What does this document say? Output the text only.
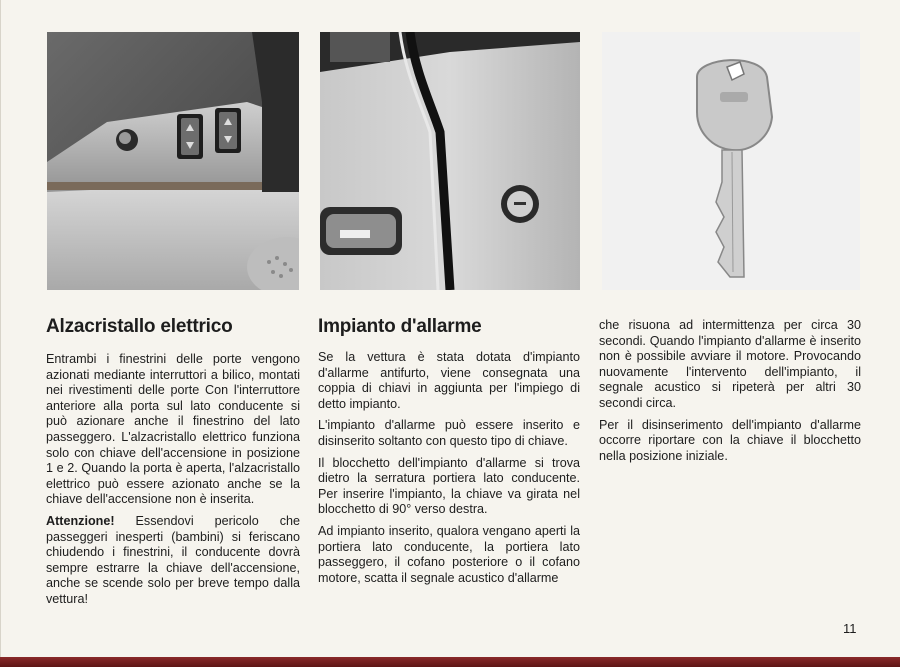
Alzacristallo elettrico

Entrambi i finestrini delle porte vengono azionati mediante interruttori a bilico, montati nei rivestimenti delle porte Con l'interruttore anteriore alla porta sul lato conducente si può azionare anche il finestrino del lato passeggero. L'alzacristallo elettrico funziona solo con chiave dell'accensione in posizione 1 e 2. Quando la porta è aperta, l'alzacristallo elettrico può essere azionato anche se la chiave dell'accensione non è inserita.

Attenzione! Essendovi pericolo che passeggeri inesperti (bambini) si feriscano chiudendo i finestrini, il conducente dovrà sempre estrarre la chiave dell'accensione, anche se scende solo per breve tempo dalla vettura!

Impianto d'allarme

Se la vettura è stata dotata d'impianto d'allarme antifurto, viene consegnata una coppia di chiavi in aggiunta per l'impiego di detto impianto.

L'impianto d'allarme può essere inserito e disinserito soltanto con questo tipo di chiave.

Il blocchetto dell'impianto d'allarme si trova dietro la serratura portiera lato conducente. Per inserire l'impianto, la chiave va girata nel blocchetto di 90° verso destra.

Ad impianto inserito, qualora vengano aperti la portiera lato conducente, la portiera lato passeggero, il cofano posteriore o il cofano motore, scatta il segnale acustico d'allarme

che risuona ad intermittenza per circa 30 secondi. Quando l'impianto d'allarme è inserito non è possibile avviare il motore. Provocando nuovamente l'intervento dell'impianto, il segnale acustico si ripeterà per altri 30 secondi circa.

Per il disinserimento dell'impianto d'allarme occorre riportare con la chiave il blocchetto nella posizione iniziale.

11
